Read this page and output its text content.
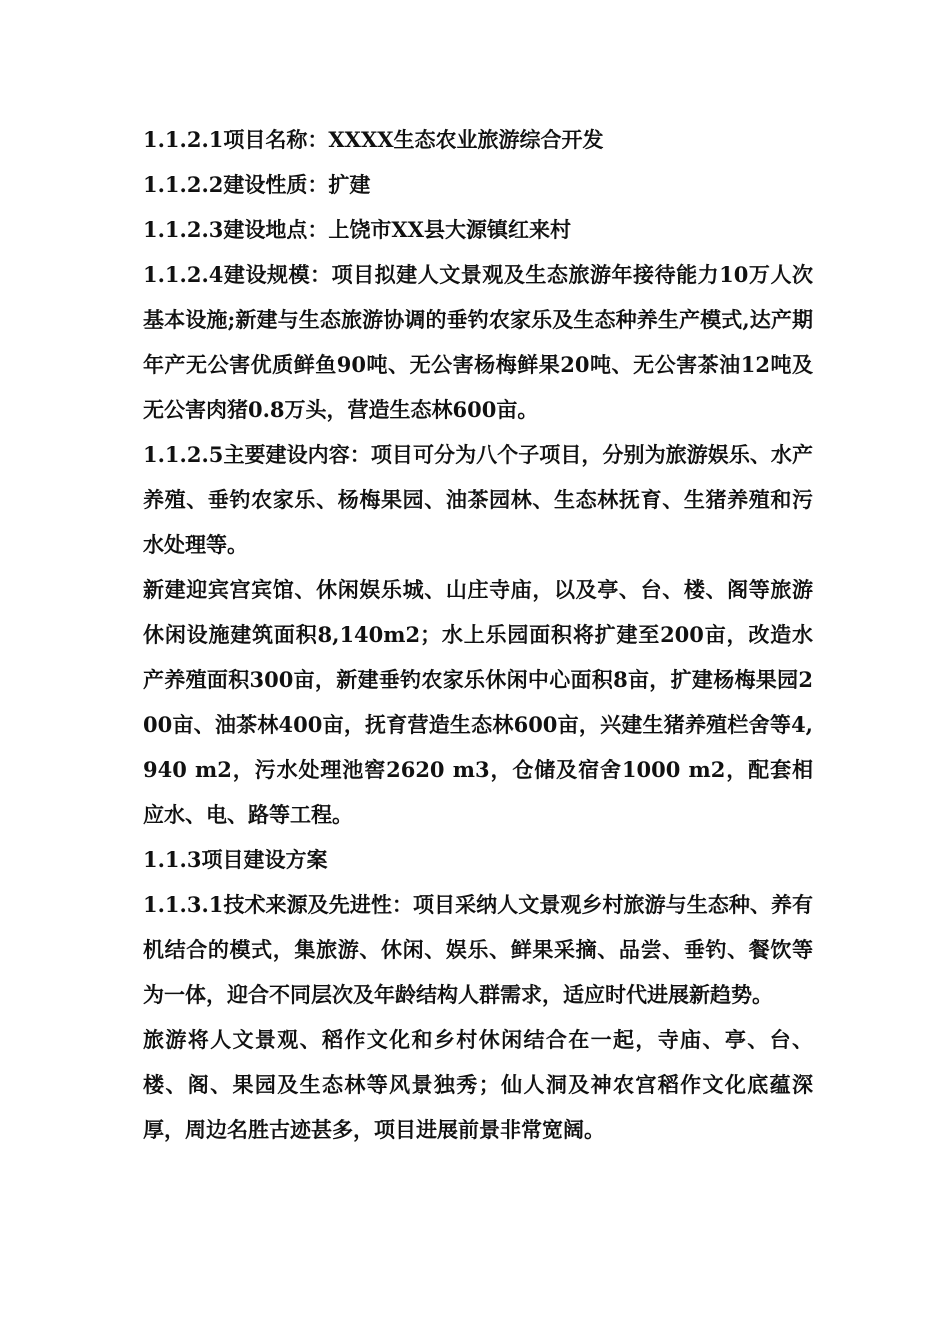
1.1.2.1项目名称：XXXX生态农业旅游综合开发

1.1.2.2建设性质：扩建

1.1.2.3建设地点：上饶市XX县大源镇红来村

1.1.2.4建设规模：项目拟建人文景观及生态旅游年接待能力10万人次基本设施;新建与生态旅游协调的垂钓农家乐及生态种养生产模式,达产期年产无公害优质鲜鱼90吨、无公害杨梅鲜果20吨、无公害茶油12吨及无公害肉猪0.8万头，营造生态林600亩。

1.1.2.5主要建设内容：项目可分为八个子项目，分别为旅游娱乐、水产养殖、垂钓农家乐、杨梅果园、油茶园林、生态林抚育、生猪养殖和污水处理等。

新建迎宾宫宾馆、休闲娱乐城、山庄寺庙，以及亭、台、楼、阁等旅游休闲设施建筑面积8,140m2；水上乐园面积将扩建至200亩，改造水产养殖面积300亩，新建垂钓农家乐休闲中心面积8亩，扩建杨梅果园200亩、油茶林400亩，抚育营造生态林600亩，兴建生猪养殖栏舍等4,940 m2，污水处理池窖2620 m3，仓储及宿舍1000 m2，配套相应水、电、路等工程。

1.1.3项目建设方案

1.1.3.1技术来源及先进性：项目采纳人文景观乡村旅游与生态种、养有机结合的模式，集旅游、休闲、娱乐、鲜果采摘、品尝、垂钓、餐饮等为一体，迎合不同层次及年龄结构人群需求，适应时代进展新趋势。

旅游将人文景观、稻作文化和乡村休闲结合在一起，寺庙、亭、台、楼、阁、果园及生态林等风景独秀；仙人洞及神农宫稻作文化底蕴深厚，周边名胜古迹甚多，项目进展前景非常宽阔。
